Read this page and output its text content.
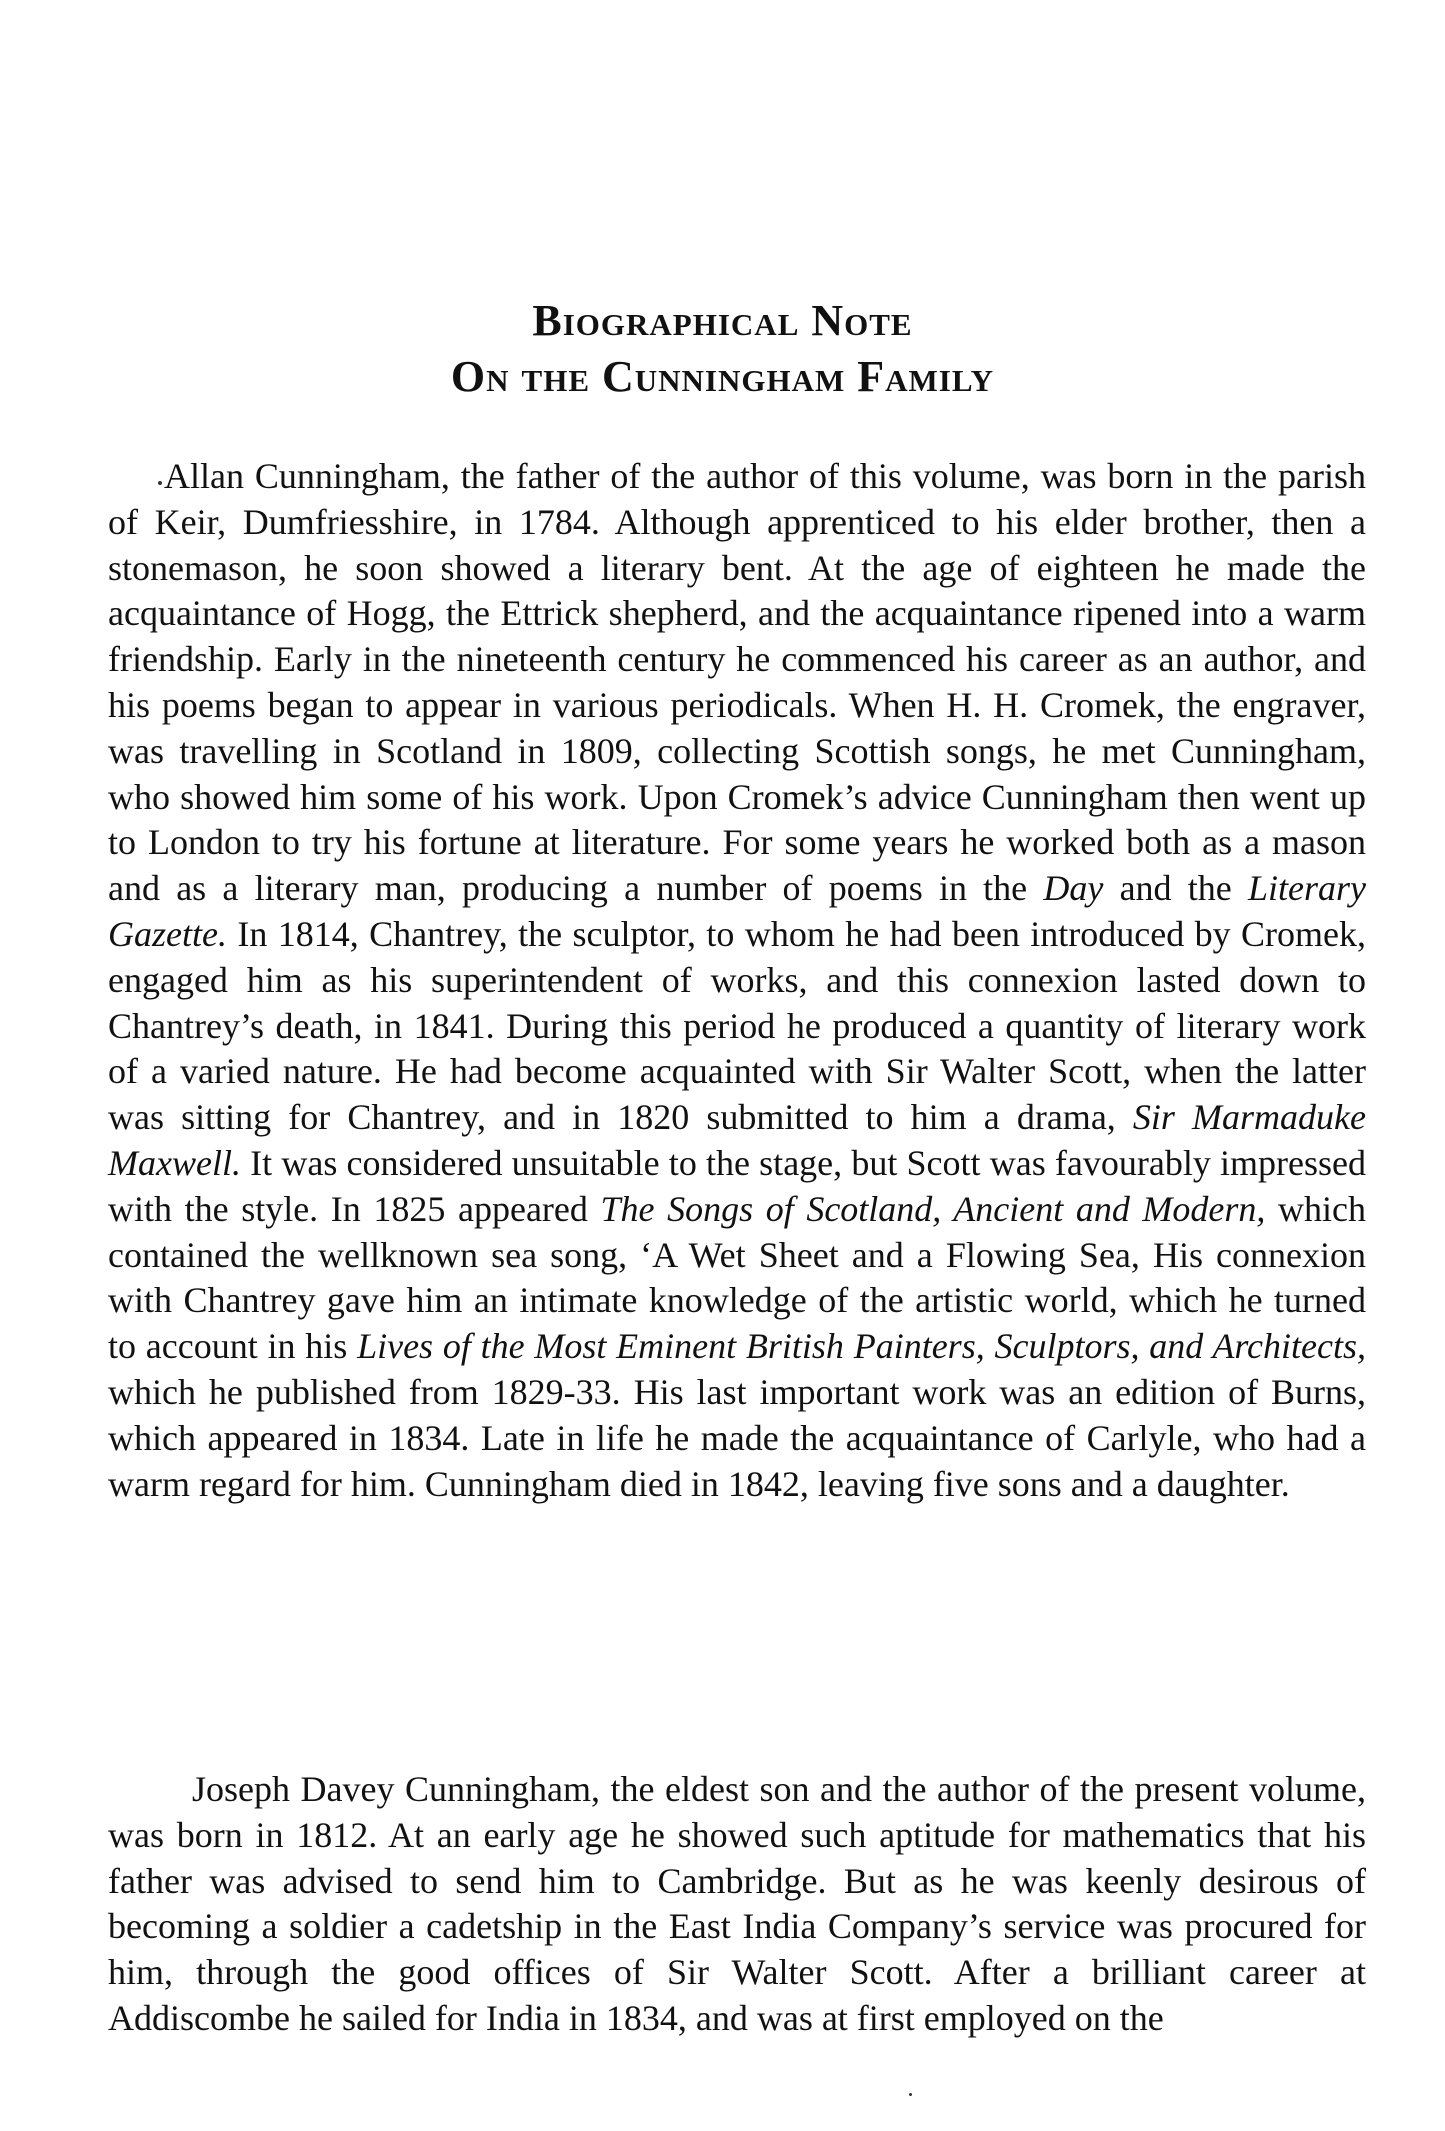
Biographical Note
On the Cunningham Family

Allan Cunningham, the father of the author of this volume, was born in the parish of Keir, Dumfriesshire, in 1784. Although apprenticed to his elder brother, then a stonemason, he soon showed a literary bent. At the age of eighteen he made the acquaintance of Hogg, the Ettrick shepherd, and the acquaintance ripened into a warm friendship. Early in the nineteenth century he commenced his career as an author, and his poems began to appear in various periodicals. When H. H. Cromek, the engraver, was travelling in Scotland in 1809, collecting Scottish songs, he met Cunningham, who showed him some of his work. Upon Cromek’s advice Cunningham then went up to London to try his fortune at literature. For some years he worked both as a mason and as a literary man, producing a number of poems in the Day and the Literary Gazette. In 1814, Chantrey, the sculptor, to whom he had been introduced by Cromek, engaged him as his superintendent of works, and this connexion lasted down to Chantrey’s death, in 1841. During this period he produced a quantity of literary work of a varied nature. He had become acquainted with Sir Walter Scott, when the latter was sitting for Chantrey, and in 1820 submitted to him a drama, Sir Marmaduke Maxwell. It was considered unsuitable to the stage, but Scott was favourably impressed with the style. In 1825 appeared The Songs of Scotland, Ancient and Modern, which contained the wellknown sea song, ‘A Wet Sheet and a Flowing Sea, His connexion with Chantrey gave him an intimate knowledge of the artistic world, which he turned to account in his Lives of the Most Eminent British Painters, Sculptors, and Architects, which he published from 1829-33. His last important work was an edition of Burns, which appeared in 1834. Late in life he made the acquaintance of Carlyle, who had a warm regard for him. Cunningham died in 1842, leaving five sons and a daughter.

Joseph Davey Cunningham, the eldest son and the author of the present volume, was born in 1812. At an early age he showed such aptitude for mathematics that his father was advised to send him to Cambridge. But as he was keenly desirous of becoming a soldier a cadetship in the East India Company’s service was procured for him, through the good offices of Sir Walter Scott. After a brilliant career at Addiscombe he sailed for India in 1834, and was at first employed on the
